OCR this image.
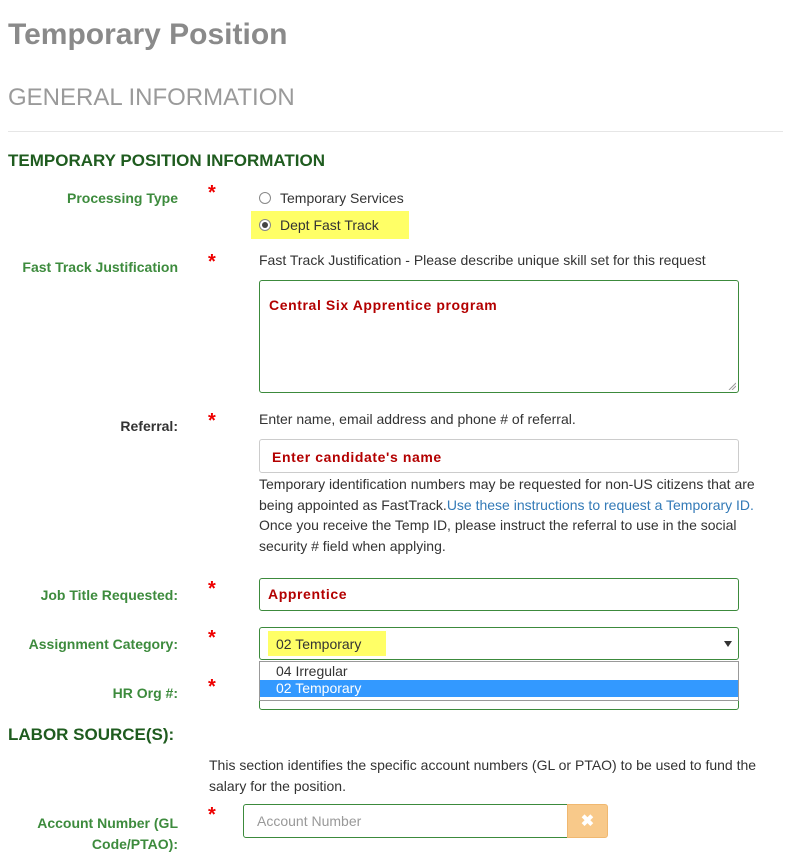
Temporary Position
GENERAL INFORMATION
TEMPORARY POSITION INFORMATION
Processing Type *	Temporary Services
Dept Fast Track
Fast Track Justification *	Fast Track Justification - Please describe unique skill set for this request
Central Six Apprentice program
Referral: *	Enter name, email address and phone # of referral.
Enter candidate's name
Temporary identification numbers may be requested for non-US citizens that are being appointed as FastTrack.Use these instructions to request a Temporary ID. Once you receive the Temp ID, please instruct the referral to use in the social security # field when applying.
Job Title Requested: *	Apprentice
Assignment Category: *	02 Temporary
HR Org #: *
04 Irregular
02 Temporary
LABOR SOURCE(S):
This section identifies the specific account numbers (GL or PTAO) to be used to fund the salary for the position.
Account Number (GL Code/PTAO):
*
Account Number	✖
